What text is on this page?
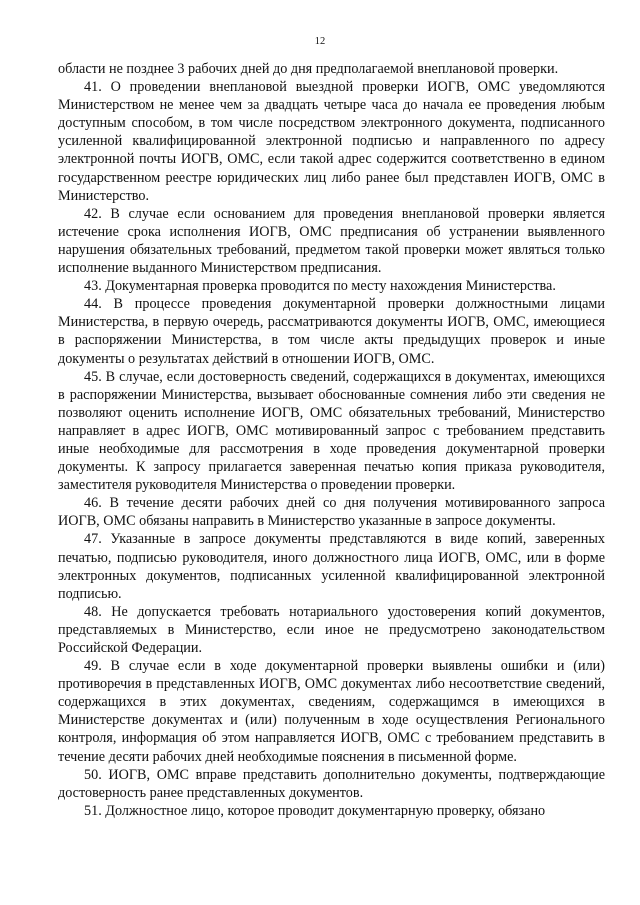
12

области не позднее 3 рабочих дней до дня предполагаемой внеплановой проверки.

41. О проведении внеплановой выездной проверки ИОГВ, ОМС уведомляются Министерством не менее чем за двадцать четыре часа до начала ее проведения любым доступным способом, в том числе посредством электронного документа, подписанного усиленной квалифицированной электронной подписью и направленного по адресу электронной почты ИОГВ, ОМС, если такой адрес содержится соответственно в едином государственном реестре юридических лиц либо ранее был представлен ИОГВ, ОМС в Министерство.

42. В случае если основанием для проведения внеплановой проверки является истечение срока исполнения ИОГВ, ОМС предписания об устранении выявленного нарушения обязательных требований, предметом такой проверки может являться только исполнение выданного Министерством предписания.

43. Документарная проверка проводится по месту нахождения Министерства.

44. В процессе проведения документарной проверки должностными лицами Министерства, в первую очередь, рассматриваются документы ИОГВ, ОМС, имеющиеся в распоряжении Министерства, в том числе акты предыдущих проверок и иные документы о результатах действий в отношении ИОГВ, ОМС.

45. В случае, если достоверность сведений, содержащихся в документах, имеющихся в распоряжении Министерства, вызывает обоснованные сомнения либо эти сведения не позволяют оценить исполнение ИОГВ, ОМС обязательных требований, Министерство направляет в адрес ИОГВ, ОМС мотивированный запрос с требованием представить иные необходимые для рассмотрения в ходе проведения документарной проверки документы. К запросу прилагается заверенная печатью копия приказа руководителя, заместителя руководителя Министерства о проведении проверки.

46. В течение десяти рабочих дней со дня получения мотивированного запроса ИОГВ, ОМС обязаны направить в Министерство указанные в запросе документы.

47. Указанные в запросе документы представляются в виде копий, заверенных печатью, подписью руководителя, иного должностного лица ИОГВ, ОМС, или в форме электронных документов, подписанных усиленной квалифицированной электронной подписью.

48. Не допускается требовать нотариального удостоверения копий документов, представляемых в Министерство, если иное не предусмотрено законодательством Российской Федерации.

49. В случае если в ходе документарной проверки выявлены ошибки и (или) противоречия в представленных ИОГВ, ОМС документах либо несоответствие сведений, содержащихся в этих документах, сведениям, содержащимся в имеющихся в Министерстве документах и (или) полученным в ходе осуществления Регионального контроля, информация об этом направляется ИОГВ, ОМС с требованием представить в течение десяти рабочих дней необходимые пояснения в письменной форме.

50. ИОГВ, ОМС вправе представить дополнительно документы, подтверждающие достоверность ранее представленных документов.

51. Должностное лицо, которое проводит документарную проверку, обязано
